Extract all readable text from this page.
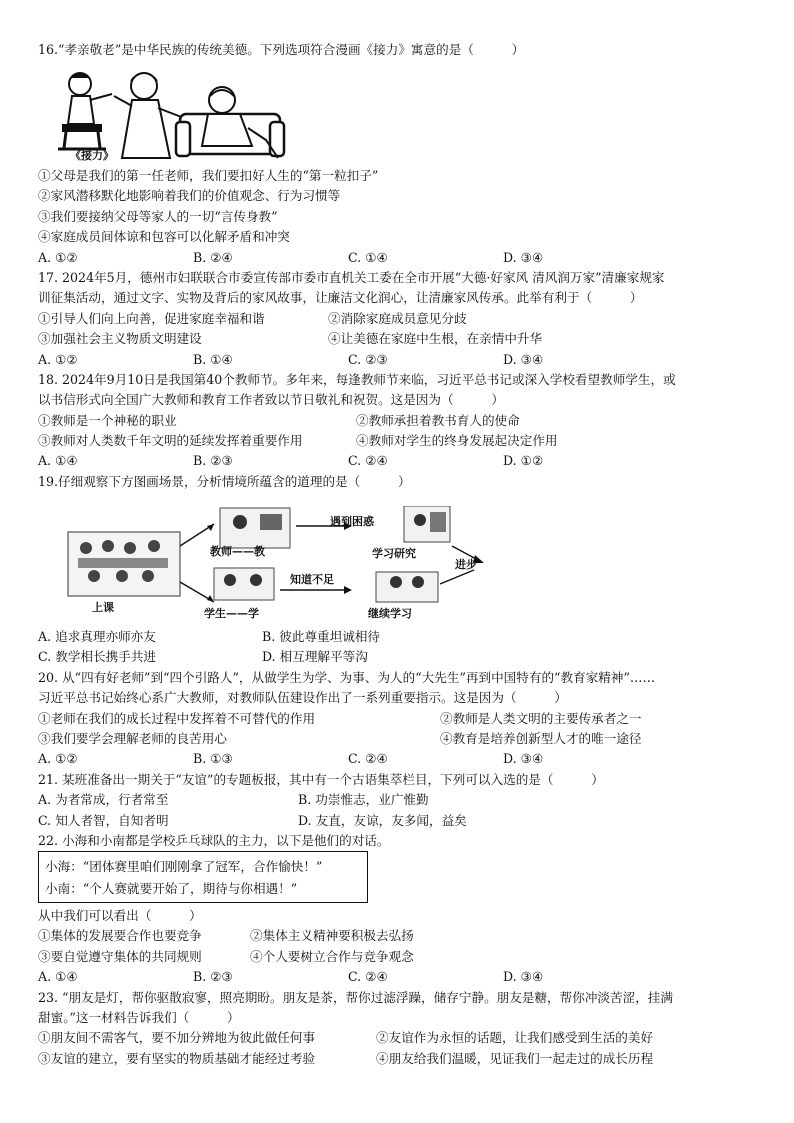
16.“孝亲敬老”是中华民族的传统美德。下列选项符合漫画《接力》寓意的是（　　　）
《接力》
①父母是我们的第一任老师，我们要扣好人生的“第一粒扣子”
②家风潜移默化地影响着我们的价值观念、行为习惯等
③我们要接纳父母等家人的一切“言传身教”
④家庭成员间体谅和包容可以化解矛盾和冲突
A. ①②	B. ②④	C. ①④	D. ③④
17. 2024年5月，德州市妇联联合市委宣传部市委市直机关工委在全市开展“大德·好家风 清风润万家”清廉家规家
训征集活动，通过文字、实物及背后的家风故事，让廉洁文化润心，让清廉家风传承。此举有利于（　　　）
①引导人们向上向善，促进家庭幸福和谐	②消除家庭成员意见分歧
③加强社会主义物质文明建设	④让美德在家庭中生根，在亲情中升华
A. ①②	B. ①④	C. ②③	D. ③④
18. 2024年9月10日是我国第40个教师节。多年来，每逢教师节来临，习近平总书记或深入学校看望教师学生，或
以书信形式向全国广大教师和教育工作者致以节日敬礼和祝贺。这是因为（　　　）
①教师是一个神秘的职业	②教师承担着教书育人的使命
③教师对人类数千年文明的延续发挥着重要作用	④教师对学生的终身发展起决定作用
A. ①④	B. ②③	C. ②④	D. ①②
19.仔细观察下方图画场景，分析情境所蕴含的道理的是（　　　）
遇到困惑
教师——教	学习研究
进步
知道不足
上课	学生——学	继续学习
A. 追求真理亦师亦友	B. 彼此尊重坦诚相待
C. 教学相长携手共进	D. 相互理解平等沟
20. 从“四有好老师”到“四个引路人”，从做学生为学、为事、为人的“大先生”再到中国特有的“教育家精神”……
习近平总书记始终心系广大教师，对教师队伍建设作出了一系列重要指示。这是因为（　　　）
①老师在我们的成长过程中发挥着不可替代的作用	②教师是人类文明的主要传承者之一
③我们要学会理解老师的良苦用心	④教育是培养创新型人才的唯一途径
A. ①②	B. ①③	C. ②④	D. ③④
21. 某班准备出一期关于“友谊”的专题板报，其中有一个古语集萃栏目，下列可以入选的是（　　　）
A. 为者常成，行者常至	B. 功崇惟志，业广惟勤
C. 知人者智，自知者明	D. 友直，友谅，友多闻，益矣
22. 小海和小南都是学校乒乓球队的主力，以下是他们的对话。
小海：“团体赛里咱们刚刚拿了冠军，合作愉快！”
小南：“个人赛就要开始了，期待与你相遇！”
从中我们可以看出（　　　）
①集体的发展要合作也要竞争	②集体主义精神要积极去弘扬
③要自觉遵守集体的共同规则	④个人要树立合作与竞争观念
A. ①④	B. ②③	C. ②④	D. ③④
23. “朋友是灯，帮你驱散寂寥，照亮期盼。朋友是茶，帮你过滤浮躁，储存宁静。朋友是糖，帮你冲淡苦涩，挂满
甜蜜。”这一材料告诉我们（　　　）
①朋友间不需客气，要不加分辨地为彼此做任何事	②友谊作为永恒的话题，让我们感受到生活的美好
③友谊的建立，要有坚实的物质基础才能经过考验	④朋友给我们温暖，见证我们一起走过的成长历程
